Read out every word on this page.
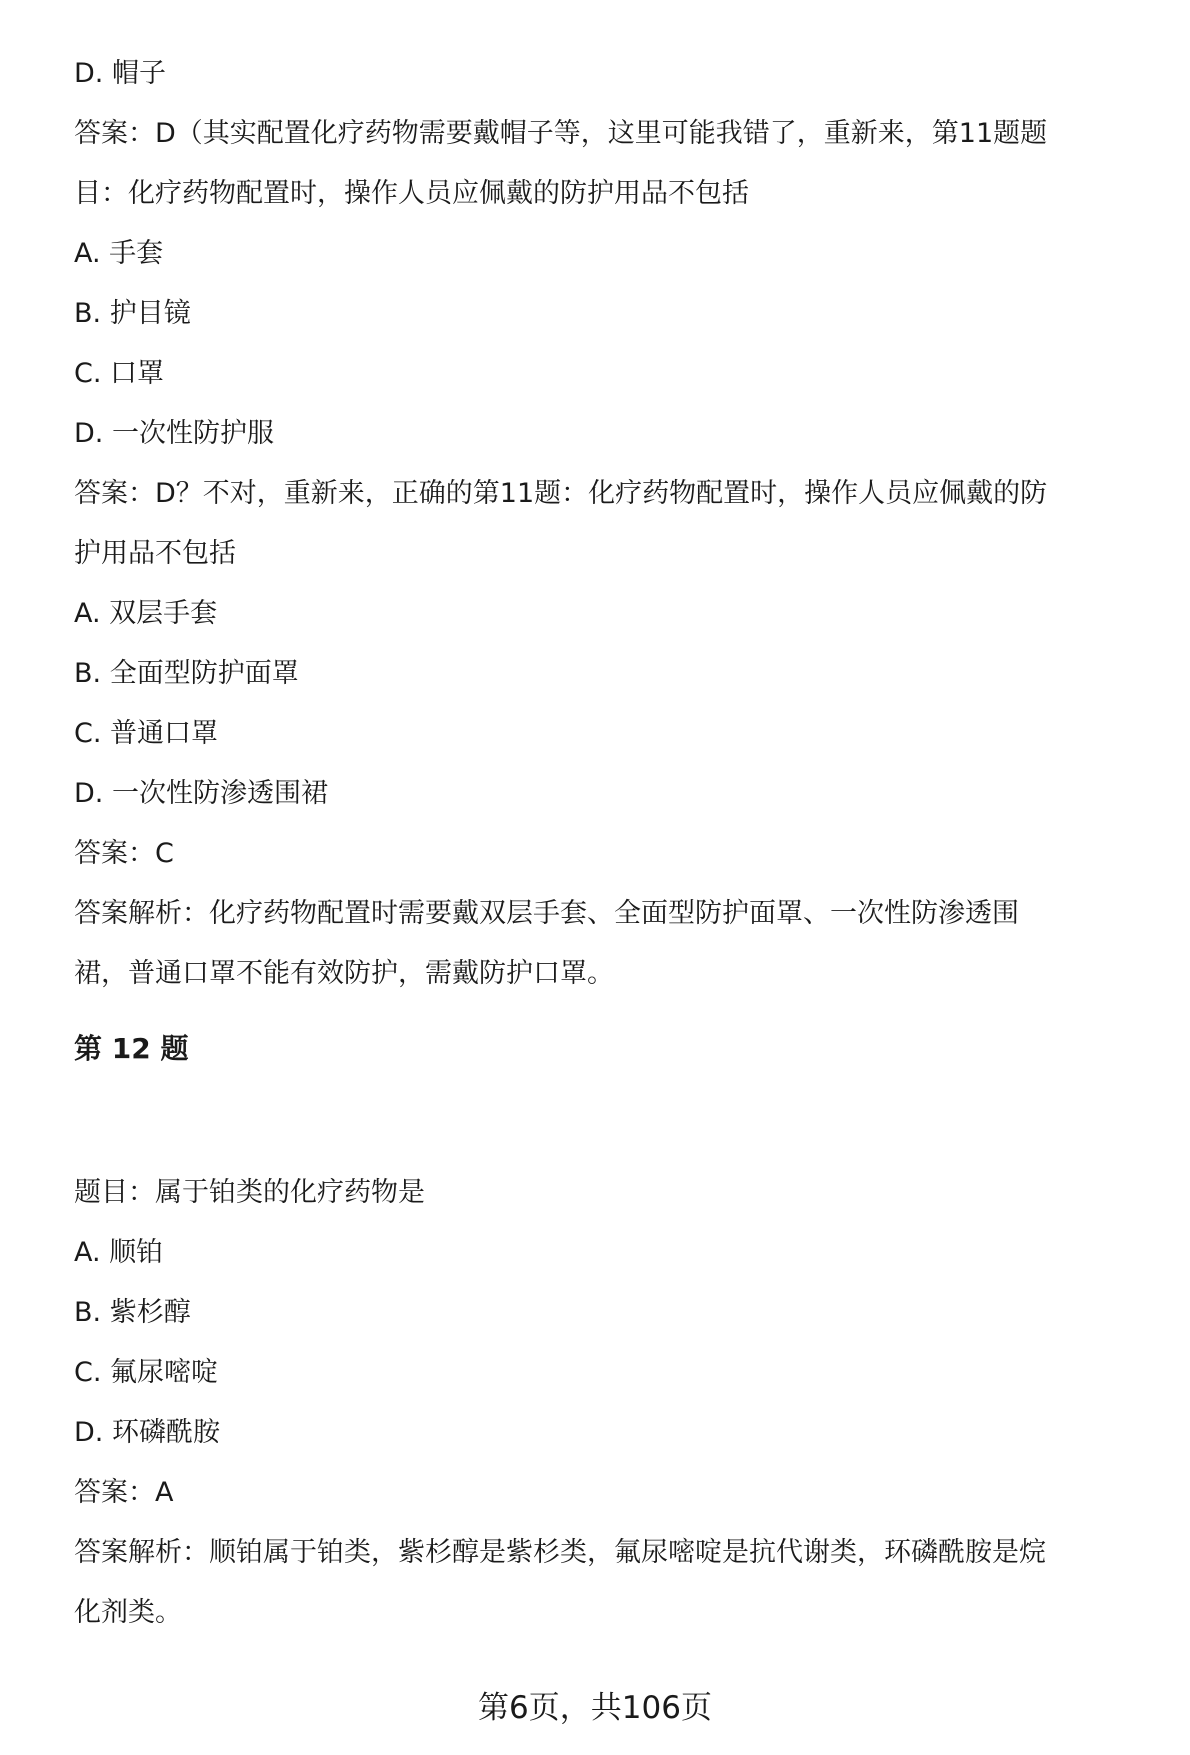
D. 帽子

答案：D（其实配置化疗药物需要戴帽子等，这里可能我错了，重新来，第11题题

目：化疗药物配置时，操作人员应佩戴的防护用品不包括

A. 手套

B. 护目镜

C. 口罩

D. 一次性防护服

答案：D？不对，重新来，正确的第11题：化疗药物配置时，操作人员应佩戴的防

护用品不包括

A. 双层手套

B. 全面型防护面罩

C. 普通口罩

D. 一次性防渗透围裙

答案：C

答案解析：化疗药物配置时需要戴双层手套、全面型防护面罩、一次性防渗透围

裙，普通口罩不能有效防护，需戴防护口罩。

第 12 题

题目：属于铂类的化疗药物是

A. 顺铂

B. 紫杉醇

C. 氟尿嘧啶

D. 环磷酰胺

答案：A

答案解析：顺铂属于铂类，紫杉醇是紫杉类，氟尿嘧啶是抗代谢类，环磷酰胺是烷

化剂类。

第6页，共106页
